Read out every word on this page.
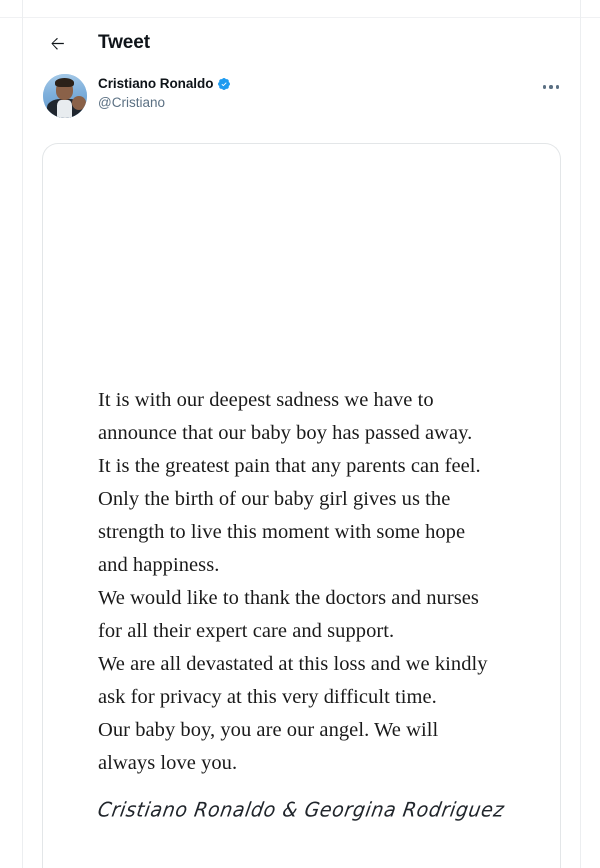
Tweet
Cristiano Ronaldo
@Cristiano

It is with our deepest sadness we have to

announce that our baby boy has passed away.

It is the greatest pain that any parents can feel.

Only the birth of our baby girl gives us the

strength to live this moment with some hope

and happiness.

We would like to thank the doctors and nurses

for all their expert care and support.

We are all devastated at this loss and we kindly

ask for privacy at this very difficult time.

Our baby boy, you are our angel. We will

always love you.

Cristiano Ronaldo & Georgina Rodriguez
